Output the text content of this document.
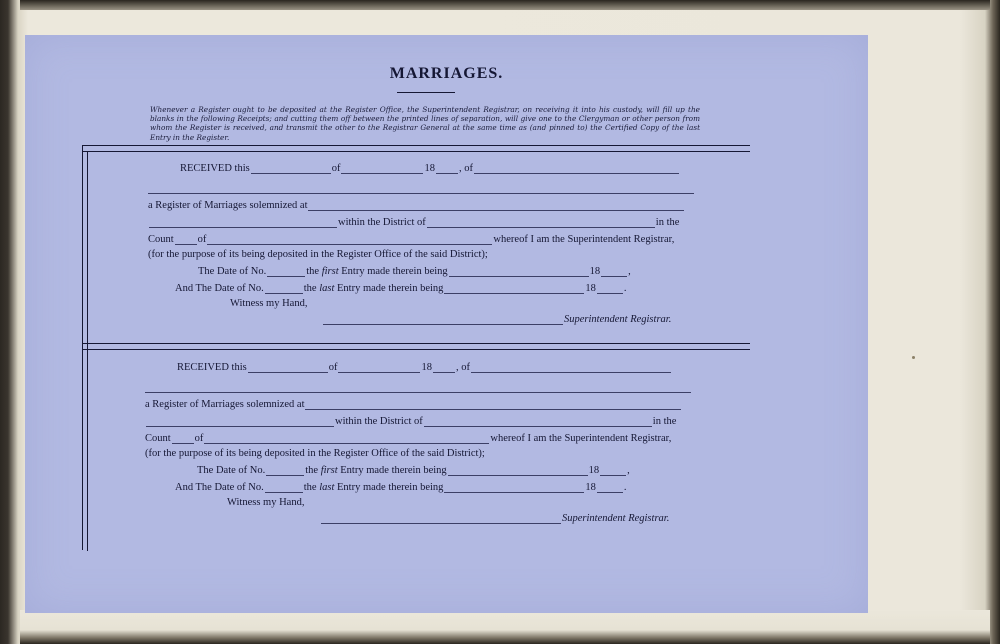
MARRIAGES.
Whenever a Register ought to be deposited at the Register Office, the Superintendent Registrar, on receiving it into his custody, will fill up the blanks in the following Receipts; and cutting them off between the printed lines of separation, will give one to the Clergyman or other person from whom the Register is received, and transmit the other to the Registrar General at the same time as (and pinned to) the Certified Copy of the last Entry in the Register.
RECEIVED this	of	18 , of
a Register of Marriages solemnized at
within the District of	in the
Count of	whereof I am the Superintendent Registrar,
(for the purpose of its being deposited in the Register Office of the said District);
The Date of No.	the
first
Entry made therein being	18	,
And The Date of No.	the
last
Entry made therein being	18	.
Witness my Hand,
Superintendent Registrar.
RECEIVED this	of	18 , of
a Register of Marriages solemnized at
within the District of	in the
Count of	whereof I am the Superintendent Registrar,
(for the purpose of its being deposited in the Register Office of the said District);
The Date of No.	the
first
Entry made therein being	18	,
And The Date of No.	the
last
Entry made therein being	18	.
Witness my Hand,
Superintendent Registrar.
